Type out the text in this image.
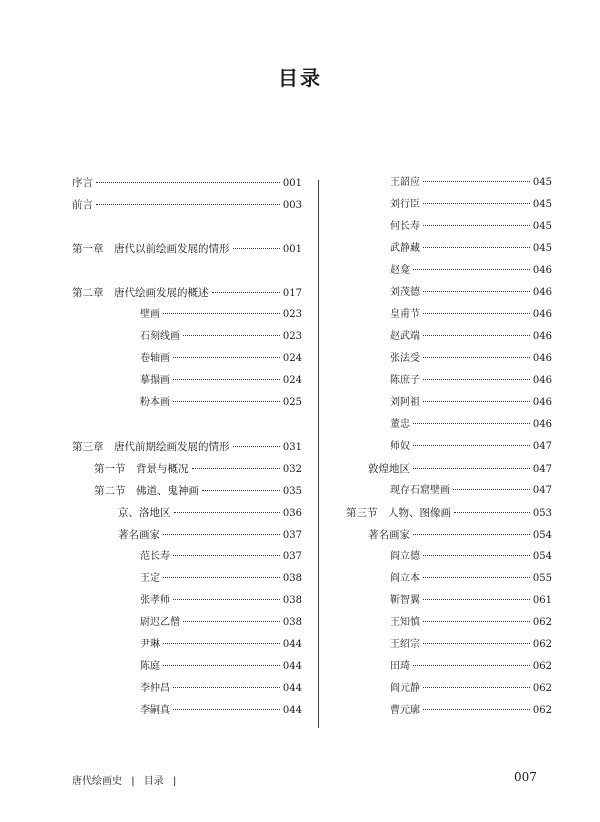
目录
序言	001
前言	003
第一章　唐代以前绘画发展的情形	001
第二章　唐代绘画发展的概述	017
壁画	023
石刻线画	023
卷轴画	024
摹搨画	024
粉本画	025
第三章　唐代前期绘画发展的情形	031
第一节　背景与概况	032
第二节　佛道、鬼神画	035
京、洛地区	036
著名画家	037
范长寿	037
王定	038
张孝师	038
尉迟乙僧	038
尹琳	044
陈庭	044
李仲昌	044
李嗣真	044
王韶应	045
刘行臣	045
何长寿	045
武静藏	045
赵龛	046
刘茂德	046
皇甫节	046
赵武端	046
张法受	046
陈庶子	046
刘阿祖	046
董忠	046
师奴	047
敦煌地区	047
现存石窟壁画	047
第三节　人物、图像画	053
著名画家	054
阎立德	054
阎立本	055
靳智翼	061
王知慎	062
王绍宗	062
田琦	062
阎元静	062
曹元廓	062
唐代绘画史 | 目录 |	007
